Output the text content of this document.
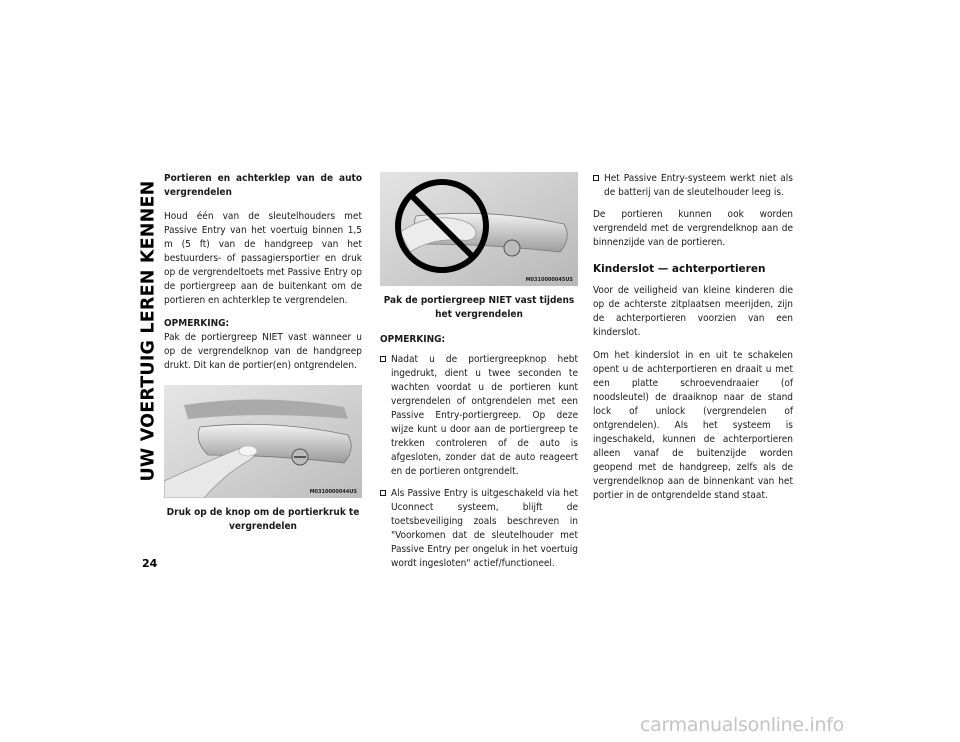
UW VOERTUIG LEREN KENNEN

Portieren en achterklep van de auto vergrendelen

Houd één van de sleutelhouders met Passive Entry van het voertuig binnen 1,5 m (5 ft) van de handgreep van het bestuurders- of passagiersportier en druk op de vergrendeltoets met Passive Entry op de portiergreep aan de buitenkant om de portieren en achterklep te vergrendelen.

OPMERKING:

Pak de portiergreep NIET vast wanneer u op de vergrendelknop van de handgreep drukt. Dit kan de portier(en) ontgrendelen.

M0310000044US

Druk op de knop om de portierkruk te vergrendelen

M0310000045US

Pak de portiergreep NIET vast tijdens het vergrendelen

OPMERKING:

Nadat u de portiergreepknop hebt ingedrukt, dient u twee seconden te wachten voordat u de portieren kunt vergrendelen of ontgrendelen met een Passive Entry-portiergreep. Op deze wijze kunt u door aan de portiergreep te trekken controleren of de auto is afgesloten, zonder dat de auto reageert en de portieren ontgrendelt.
Als Passive Entry is uitgeschakeld via het Uconnect systeem, blijft de toetsbeveiliging zoals beschreven in "Voorkomen dat de sleutelhouder met Passive Entry per ongeluk in het voertuig wordt ingesloten" actief/functioneel.
Het Passive Entry-systeem werkt niet als de batterij van de sleutelhouder leeg is.

De portieren kunnen ook worden vergrendeld met de vergrendelknop aan de binnenzijde van de portieren.

Kinderslot — achterportieren

Voor de veiligheid van kleine kinderen die op de achterste zitplaatsen meerijden, zijn de achterportieren voorzien van een kinderslot.

Om het kinderslot in en uit te schakelen opent u de achterportieren en draait u met een platte schroevendraaier (of noodsleutel) de draaiknop naar de stand lock of unlock (vergrendelen of ontgrendelen). Als het systeem is ingeschakeld, kunnen de achterportieren alleen vanaf de buitenzijde worden geopend met de handgreep, zelfs als de vergrendelknop aan de binnenkant van het portier in de ontgrendelde stand staat.

24
carmanualsonline.info
